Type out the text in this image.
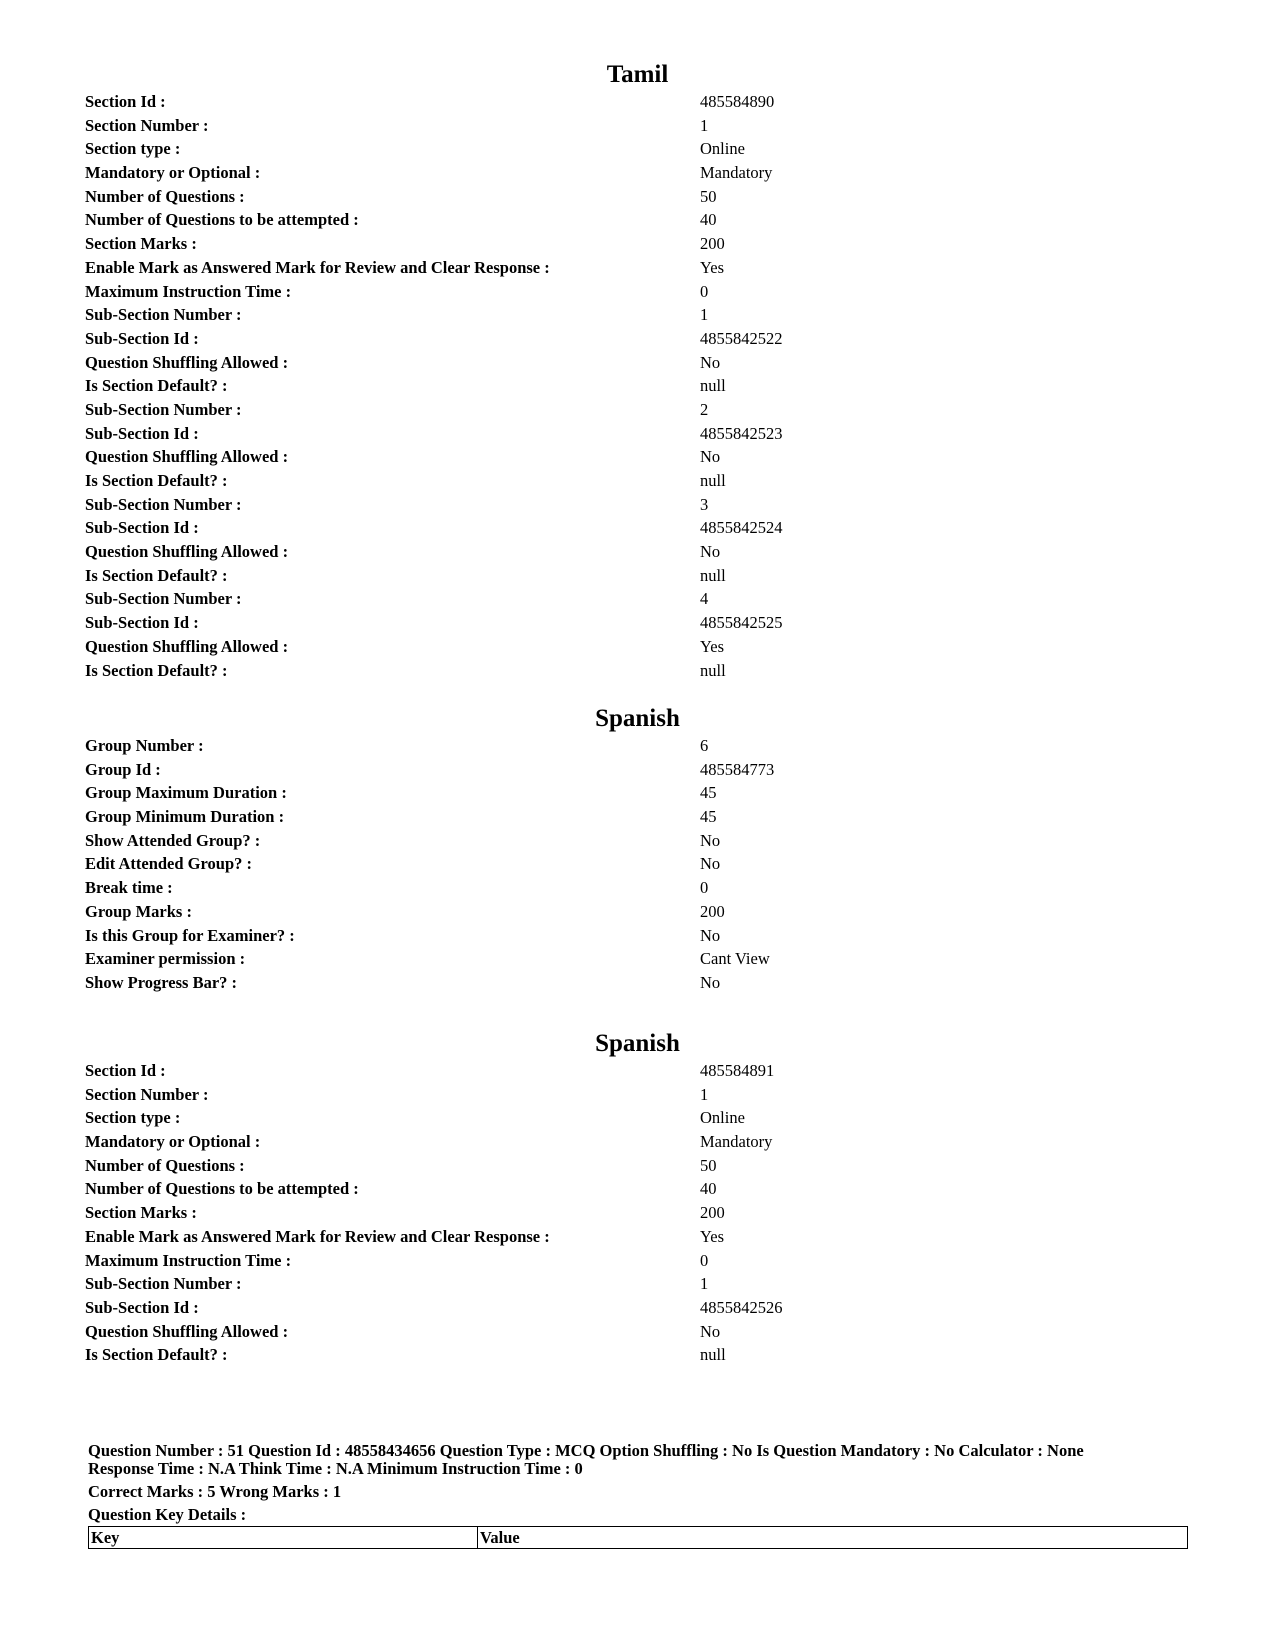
Tamil
Section Id :	485584890
Section Number :	1
Section type :	Online
Mandatory or Optional :	Mandatory
Number of Questions :	50
Number of Questions to be attempted :	40
Section Marks :	200
Enable Mark as Answered Mark for Review and Clear Response :	Yes
Maximum Instruction Time :	0
Sub-Section Number :	1
Sub-Section Id :	4855842522
Question Shuffling Allowed :	No
Is Section Default? :	null
Sub-Section Number :	2
Sub-Section Id :	4855842523
Question Shuffling Allowed :	No
Is Section Default? :	null
Sub-Section Number :	3
Sub-Section Id :	4855842524
Question Shuffling Allowed :	No
Is Section Default? :	null
Sub-Section Number :	4
Sub-Section Id :	4855842525
Question Shuffling Allowed :	Yes
Is Section Default? :	null
Spanish
Group Number :	6
Group Id :	485584773
Group Maximum Duration :	45
Group Minimum Duration :	45
Show Attended Group? :	No
Edit Attended Group? :	No
Break time :	0
Group Marks :	200
Is this Group for Examiner? :	No
Examiner permission :	Cant View
Show Progress Bar? :	No
Spanish
Section Id :	485584891
Section Number :	1
Section type :	Online
Mandatory or Optional :	Mandatory
Number of Questions :	50
Number of Questions to be attempted :	40
Section Marks :	200
Enable Mark as Answered Mark for Review and Clear Response :	Yes
Maximum Instruction Time :	0
Sub-Section Number :	1
Sub-Section Id :	4855842526
Question Shuffling Allowed :	No
Is Section Default? :	null
Question Number : 51 Question Id : 48558434656 Question Type : MCQ Option Shuffling : No Is Question Mandatory : No Calculator : None
Response Time : N.A Think Time : N.A Minimum Instruction Time : 0
Correct Marks : 5 Wrong Marks : 1
Question Key Details :
Key	Value
